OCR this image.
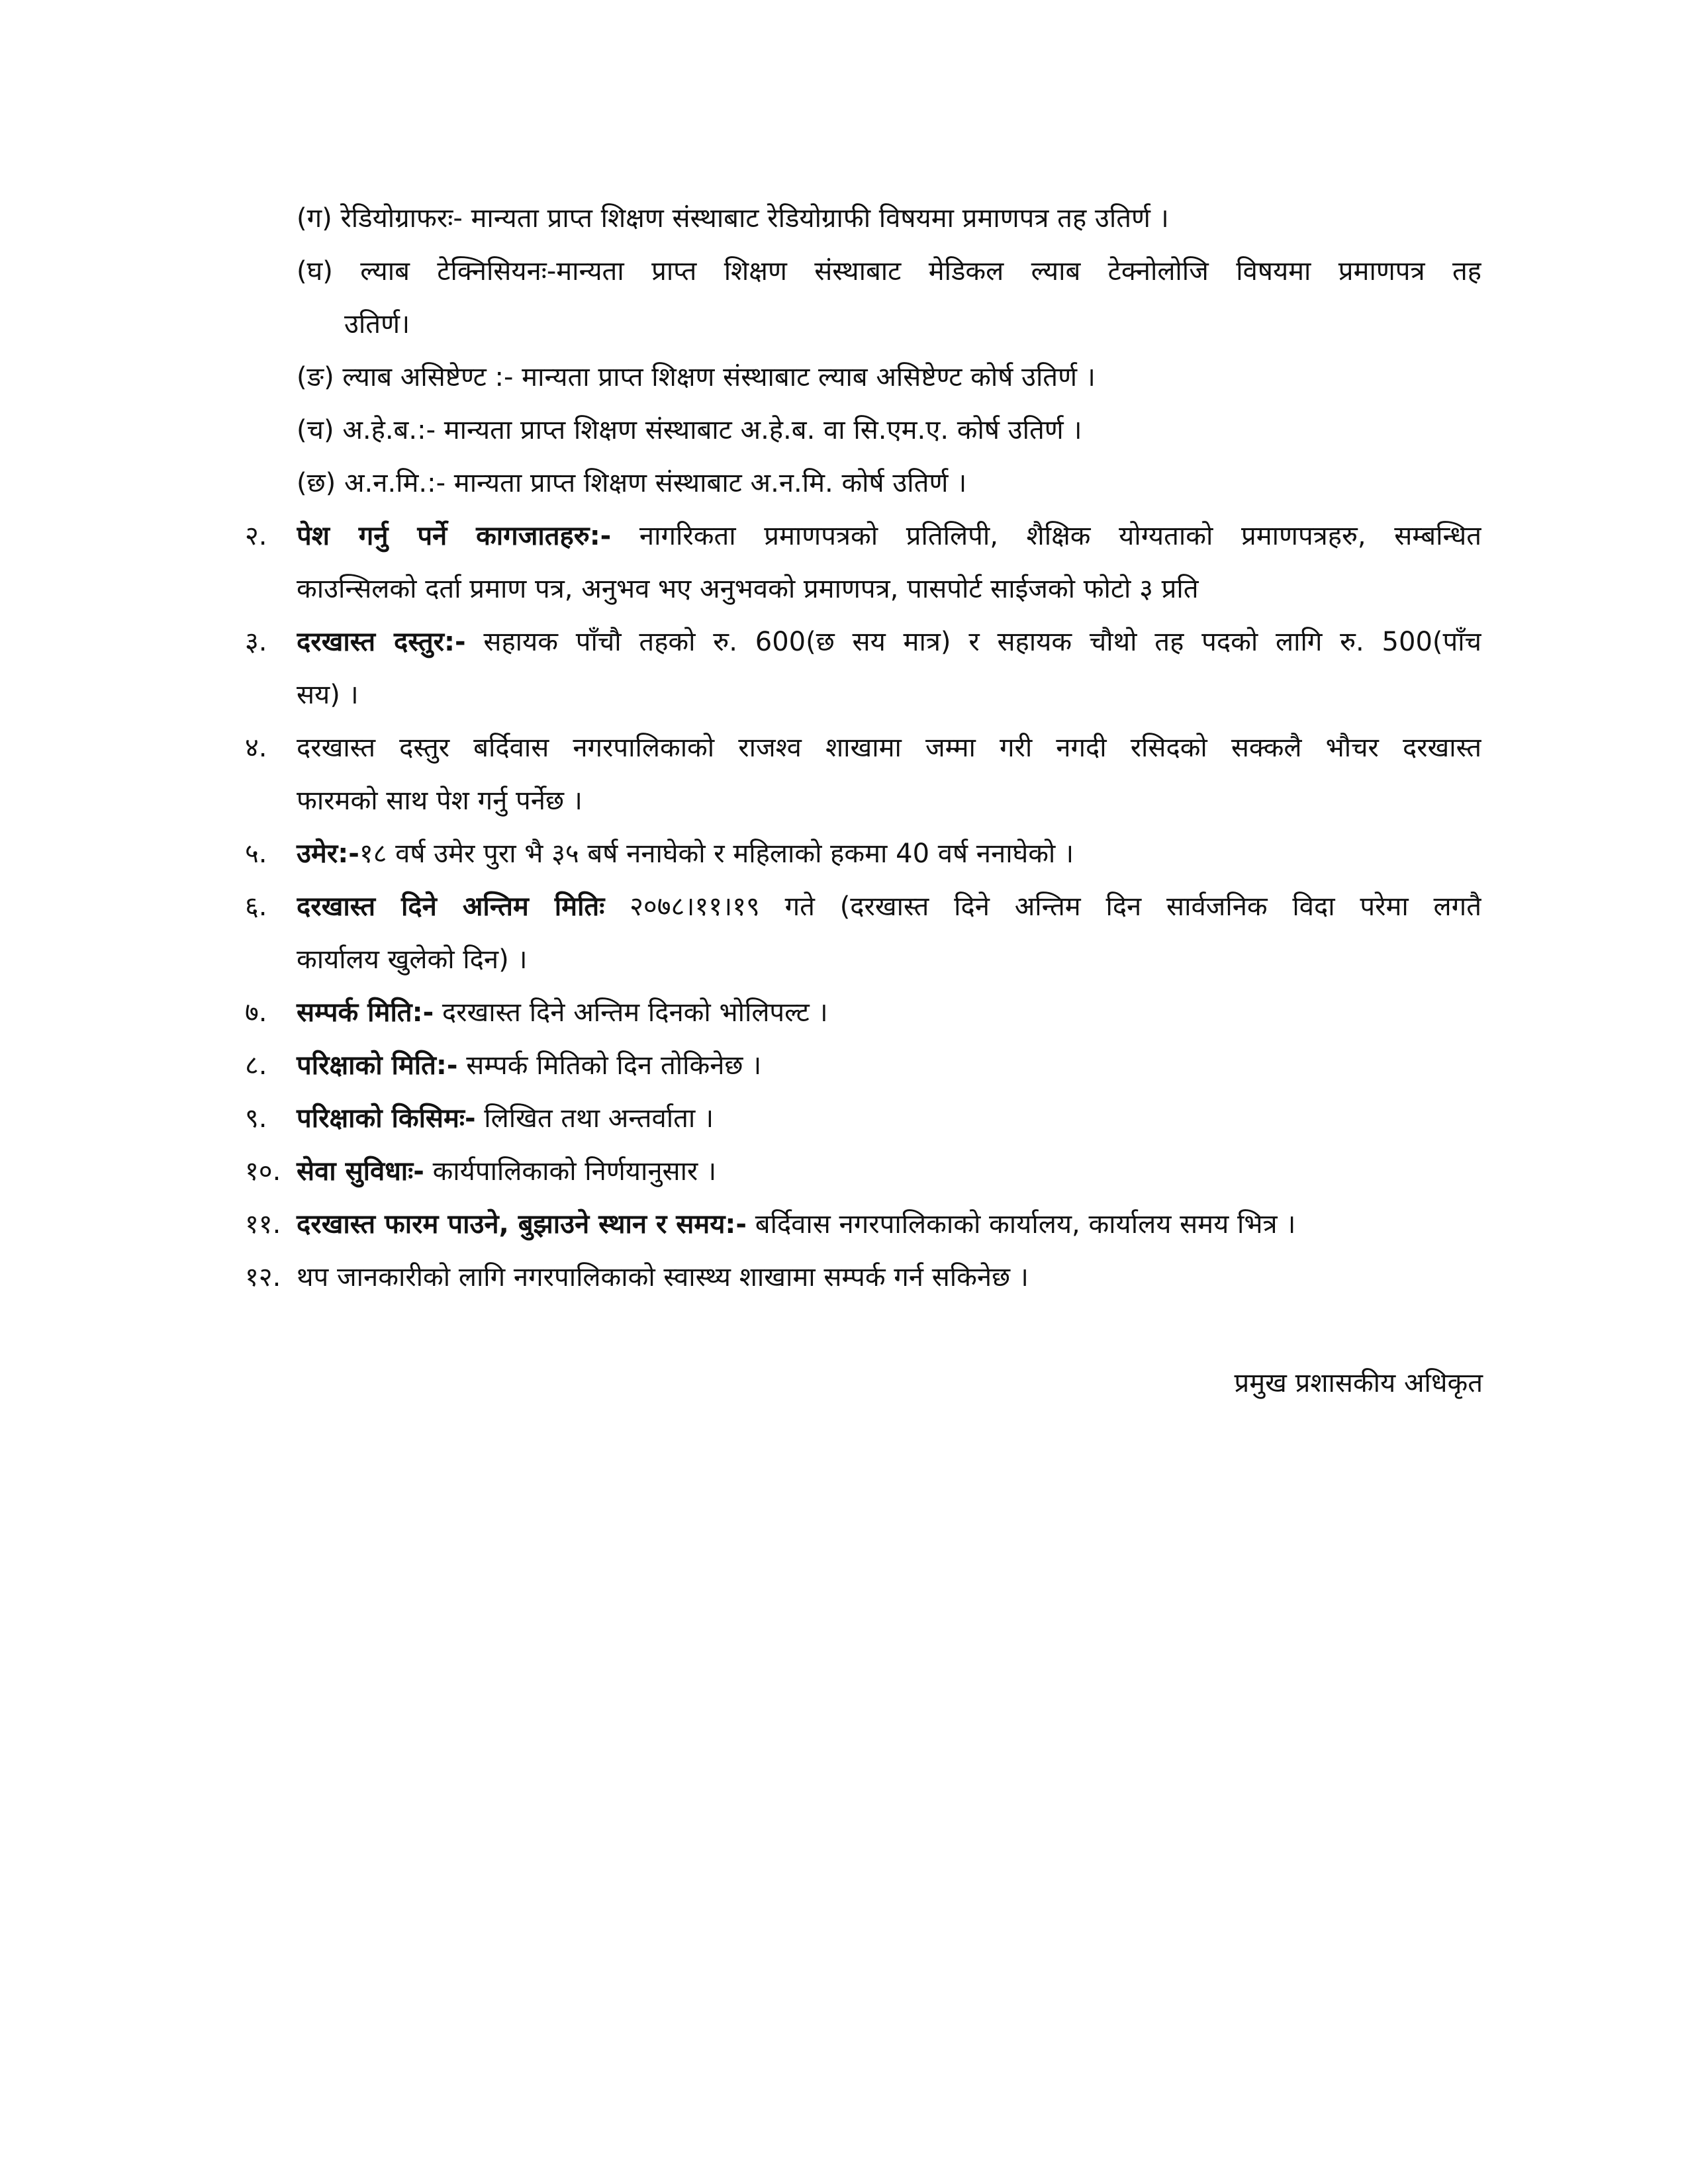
(ग) रेडियोग्राफरः- मान्यता प्राप्त शिक्षण संस्थाबाट रेडियोग्राफी विषयमा प्रमाणपत्र तह उतिर्ण ।
(घ) ल्याब टेक्निसियनः-मान्यता प्राप्त शिक्षण संस्थाबाट मेडिकल ल्याब टेक्नोलोजि विषयमा प्रमाणपत्र तह
उतिर्ण।
(ङ) ल्याब असिष्टेण्ट :- मान्यता प्राप्त शिक्षण संस्थाबाट ल्याब असिष्टेण्ट कोर्ष उतिर्ण ।
(च) अ.हे.ब.:- मान्यता प्राप्त शिक्षण संस्थाबाट अ.हे.ब. वा सि.एम.ए. कोर्ष उतिर्ण ।
(छ) अ.न.मि.:- मान्यता प्राप्त शिक्षण संस्थाबाट अ.न.मि. कोर्ष उतिर्ण ।
२. पेश गर्नु पर्ने कागजातहरु:- नागरिकता प्रमाणपत्रको प्रतिलिपी, शैक्षिक योग्यताको प्रमाणपत्रहरु, सम्बन्धित
काउन्सिलको दर्ता प्रमाण पत्र, अनुभव भए अनुभवको प्रमाणपत्र, पासपोर्ट साईजको फोटो ३ प्रति
३. दरखास्त दस्तुर:- सहायक पाँचौ तहको रु. 600(छ सय मात्र) र सहायक चौथो तह पदको लागि रु. 500(पाँच
सय) ।
४. दरखास्त दस्तुर बर्दिवास नगरपालिकाको राजश्व शाखामा जम्मा गरी नगदी रसिदको सक्कलै भौचर दरखास्त
फारमको साथ पेश गर्नु पर्नेछ ।
५. उमेर:-१८ वर्ष उमेर पुरा भै ३५ बर्ष ननाघेको र महिलाको हकमा 40 वर्ष ननाघेको ।
६. दरखास्त दिने अन्तिम मितिः २०७८।११।१९ गते (दरखास्त दिने अन्तिम दिन सार्वजनिक विदा परेमा लगतै
कार्यालय खुलेको दिन) ।
७. सम्पर्क मिति:- दरखास्त दिने अन्तिम दिनको भोलिपल्ट ।
८. परिक्षाको मिति:- सम्पर्क मितिको दिन तोकिनेछ ।
९. परिक्षाको किसिमः- लिखित तथा अन्तर्वाता ।
१०. सेवा सुविधाः- कार्यपालिकाको निर्णयानुसार ।
११. दरखास्त फारम पाउने, बुझाउने स्थान र समय:- बर्दिवास नगरपालिकाको कार्यालय, कार्यालय समय भित्र ।
१२. थप जानकारीको लागि नगरपालिकाको स्वास्थ्य शाखामा सम्पर्क गर्न सकिनेछ ।
प्रमुख प्रशासकीय अधिकृत
